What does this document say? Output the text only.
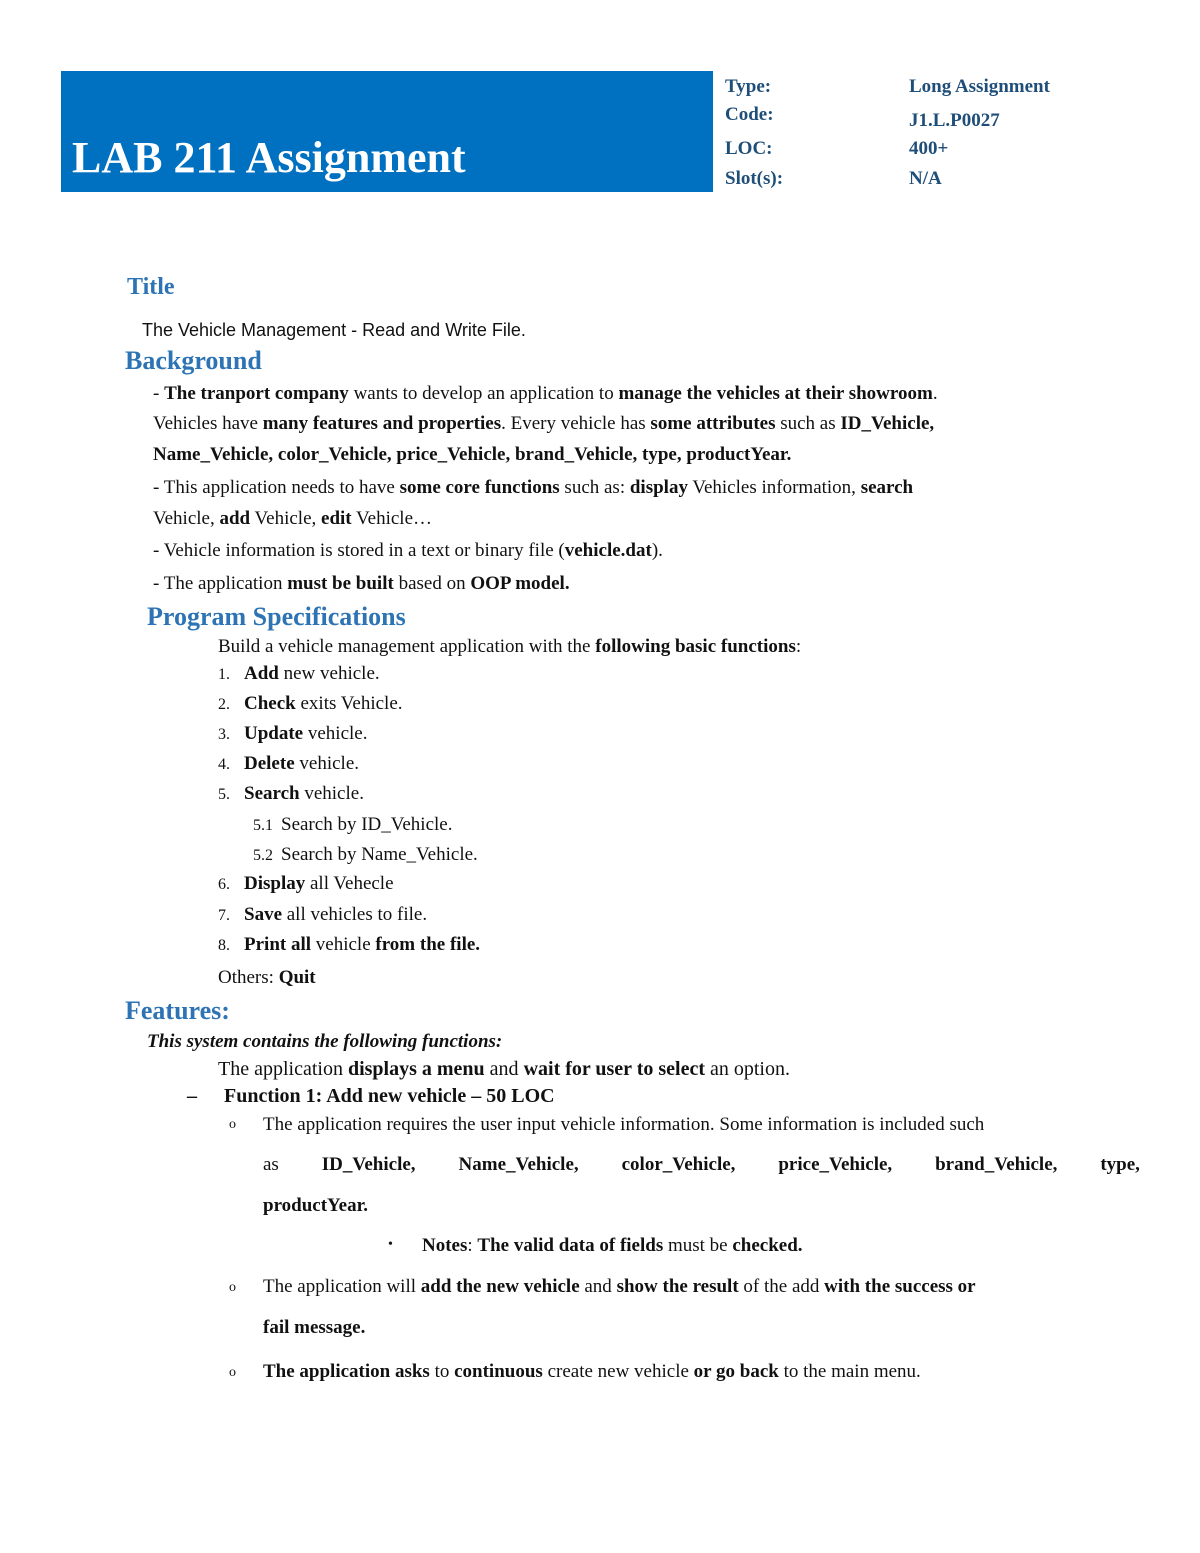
LAB 211 Assignment
Type:	Long Assignment
Code:	J1.L.P0027
LOC:	400+
Slot(s):	N/A
Title
The Vehicle Management - Read and Write File.
Background
- The tranport company wants to develop an application to manage the vehicles at their showroom.
Vehicles have many features and properties. Every vehicle has some attributes such as ID_Vehicle,
Name_Vehicle, color_Vehicle, price_Vehicle, brand_Vehicle, type, productYear.
- This application needs to have some core functions such as: display Vehicles information, search
Vehicle, add Vehicle, edit Vehicle…
- Vehicle information is stored in a text or binary file (vehicle.dat).
- The application must be built based on OOP model.
Program Specifications
Build a vehicle management application with the following basic functions:
1. Add new vehicle.
2. Check exits Vehicle.
3. Update vehicle.
4. Delete vehicle.
5. Search vehicle.
5.1 Search by ID_Vehicle.
5.2 Search by Name_Vehicle.
6. Display all Vehecle
7. Save all vehicles to file.
8. Print all vehicle from the file.
Others: Quit
Features:
This system contains the following functions:
The application displays a menu and wait for user to select an option.
– Function 1: Add new vehicle – 50 LOC
o The application requires the user input vehicle information. Some information is included such
as ID_Vehicle, Name_Vehicle, color_Vehicle, price_Vehicle, brand_Vehicle, type,
productYear.
• Notes: The valid data of fields must be checked.
o The application will add the new vehicle and show the result of the add with the success or
fail message.
o The application asks to continuous create new vehicle or go back to the main menu.
